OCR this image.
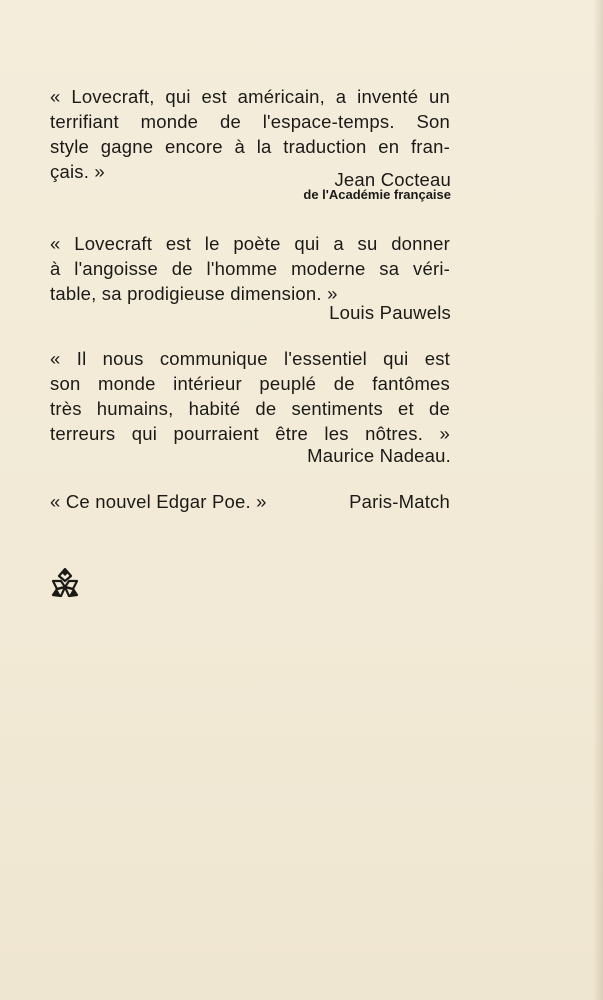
« Lovecraft, qui est américain, a inventé un
terrifiant monde de l'espace-temps. Son
style gagne encore à la traduction en fran-
çais. »	Jean Cocteau
de l'Académie française
« Lovecraft est le poète qui a su donner
à l'angoisse de l'homme moderne sa véri-
table, sa prodigieuse dimension. »
Louis Pauwels
« Il nous communique l'essentiel qui est
son monde intérieur peuplé de fantômes
très humains, habité de sentiments et de
terreurs qui pourraient être les nôtres. »
Maurice Nadeau.
« Ce nouvel Edgar Poe. »	Paris-Match
